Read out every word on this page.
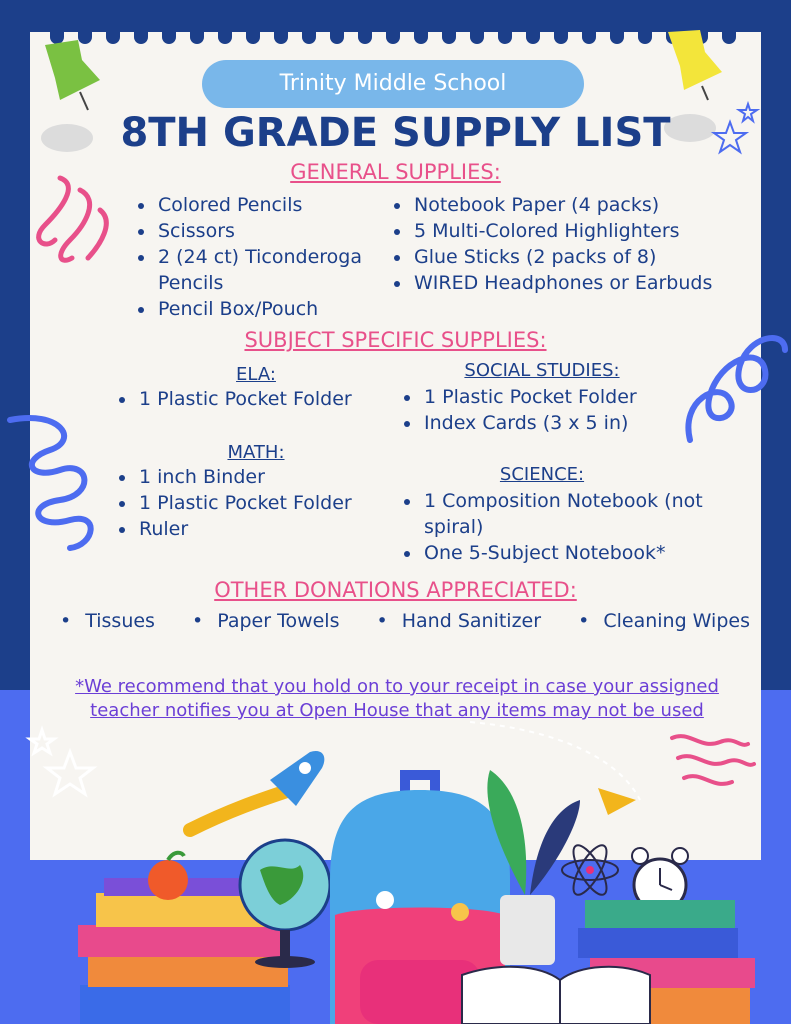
Trinity Middle School
8TH GRADE SUPPLY LIST
GENERAL SUPPLIES:
• Colored Pencils
• Scissors
• 2 (24 ct) Ticonderoga Pencils
• Pencil Box/Pouch
• Notebook Paper (4 packs)
• 5 Multi-Colored Highlighters
• Glue Sticks (2 packs of 8)
• WIRED Headphones or Earbuds
SUBJECT SPECIFIC SUPPLIES:
ELA:
• 1 Plastic Pocket Folder
SOCIAL STUDIES:
• 1 Plastic Pocket Folder
• Index Cards (3 x 5 in)
MATH:
• 1 inch Binder
• 1 Plastic Pocket Folder
• Ruler
SCIENCE:
• 1 Composition Notebook (not spiral)
• One 5-Subject Notebook*
OTHER DONATIONS APPRECIATED:
• Tissues	• Paper Towels	• Hand Sanitizer	• Cleaning Wipes
*We recommend that you hold on to your receipt in case your assigned teacher notifies you at Open House that any items may not be used
